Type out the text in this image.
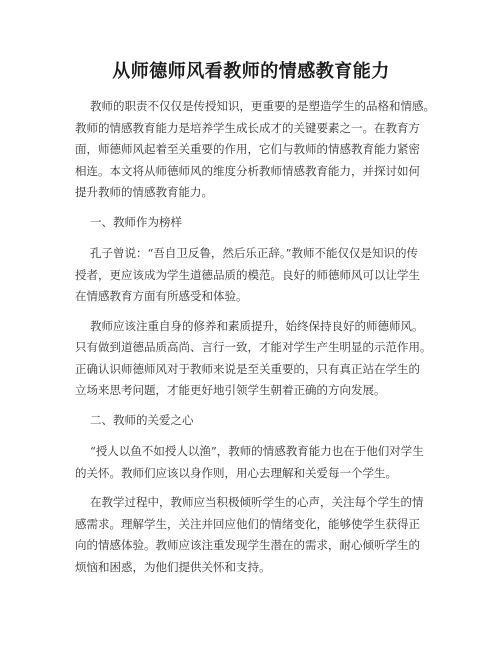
从师德师风看教师的情感教育能力
教师的职责不仅仅是传授知识，更重要的是塑造学生的品格和情感。
教师的情感教育能力是培养学生成长成才的关键要素之一。在教育方
面，师德师风起着至关重要的作用，它们与教师的情感教育能力紧密
相连。本文将从师德师风的维度分析教师情感教育能力，并探讨如何
提升教师的情感教育能力。
一、教师作为榜样
孔子曾说：“吾自卫反鲁，然后乐正辞。”教师不能仅仅是知识的传
授者，更应该成为学生道德品质的模范。良好的师德师风可以让学生
在情感教育方面有所感受和体验。
教师应该注重自身的修养和素质提升，始终保持良好的师德师风。
只有做到道德品质高尚、言行一致，才能对学生产生明显的示范作用。
正确认识师德师风对于教师来说是至关重要的，只有真正站在学生的
立场来思考问题，才能更好地引领学生朝着正确的方向发展。
二、教师的关爱之心
“授人以鱼不如授人以渔”，教师的情感教育能力也在于他们对学生
的关怀。教师们应该以身作则，用心去理解和关爱每一个学生。
在教学过程中，教师应当积极倾听学生的心声，关注每个学生的情
感需求。理解学生，关注并回应他们的情绪变化，能够使学生获得正
向的情感体验。教师应该注重发现学生潜在的需求，耐心倾听学生的
烦恼和困惑，为他们提供关怀和支持。
